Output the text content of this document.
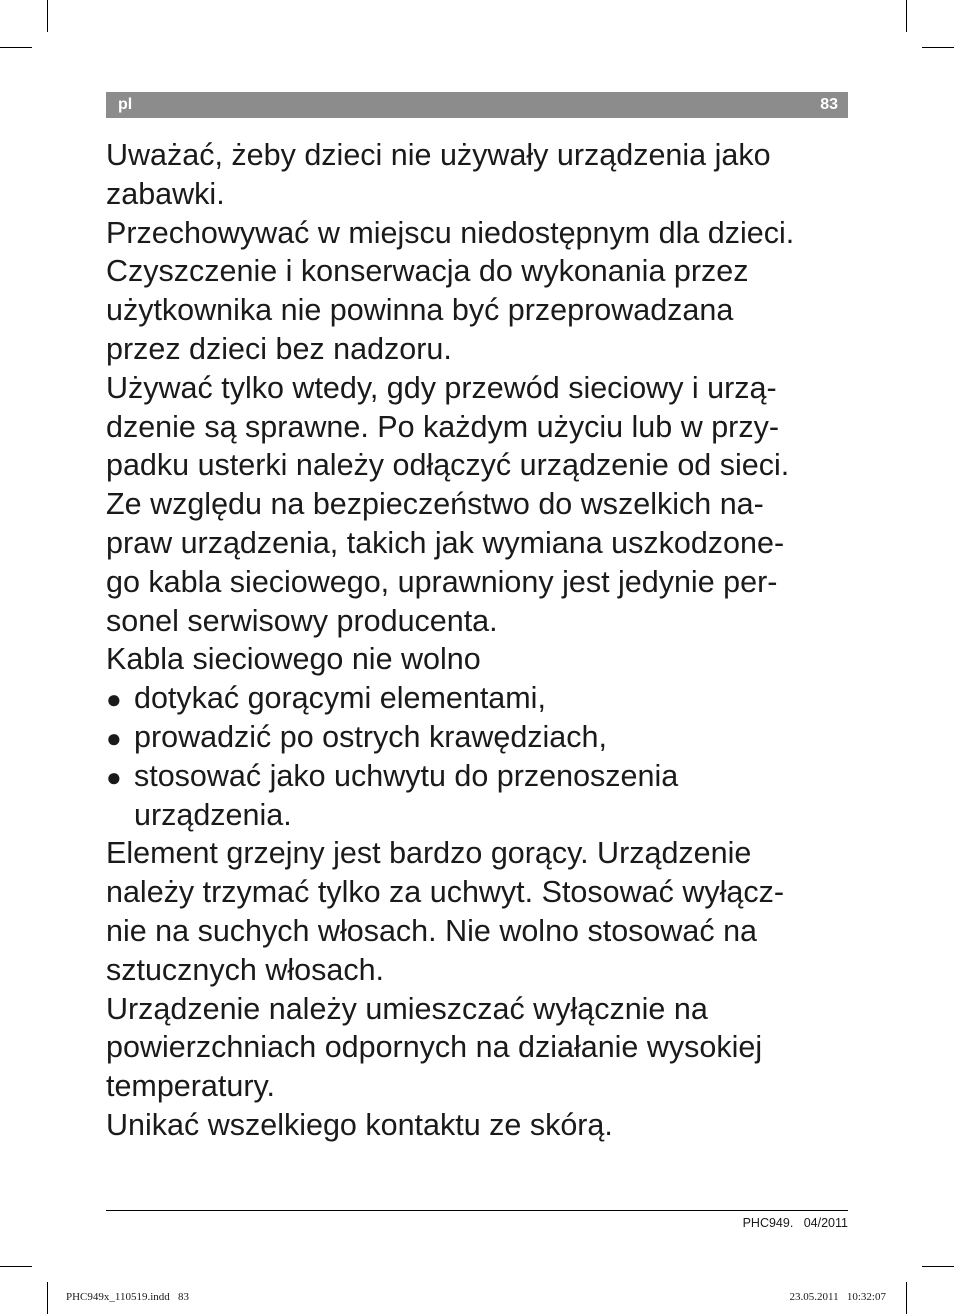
pl	83
Uważać, żeby dzieci nie używały urządzenia jako
zabawki.
Przechowywać w miejscu niedostępnym dla dzieci.
Czyszczenie i konserwacja do wykonania przez
użytkownika nie powinna być przeprowadzana
przez dzieci bez nadzoru.
Używać tylko wtedy, gdy przewód sieciowy i urzą-
dzenie są sprawne. Po każdym użyciu lub w przy-
padku usterki należy odłączyć urządzenie od sieci.
Ze względu na bezpieczeństwo do wszelkich na-
praw urządzenia, takich jak wymiana uszkodzone-
go kabla sieciowego, uprawniony jest jedynie per-
sonel serwisowy producenta.
Kabla sieciowego nie wolno
● dotykać gorącymi elementami,
● prowadzić po ostrych krawędziach,
● stosować jako uchwytu do przenoszenia
urządzenia.
Element grzejny jest bardzo gorący. Urządzenie
należy trzymać tylko za uchwyt. Stosować wyłącz-
nie na suchych włosach. Nie wolno stosować na
sztucznych włosach.
Urządzenie należy umieszczać wyłącznie na
powierzchniach odpornych na działanie wysokiej
temperatury.
Unikać wszelkiego kontaktu ze skórą.
PHC949.   04/2011
PHC949x_110519.indd   83	23.05.2011   10:32:07
